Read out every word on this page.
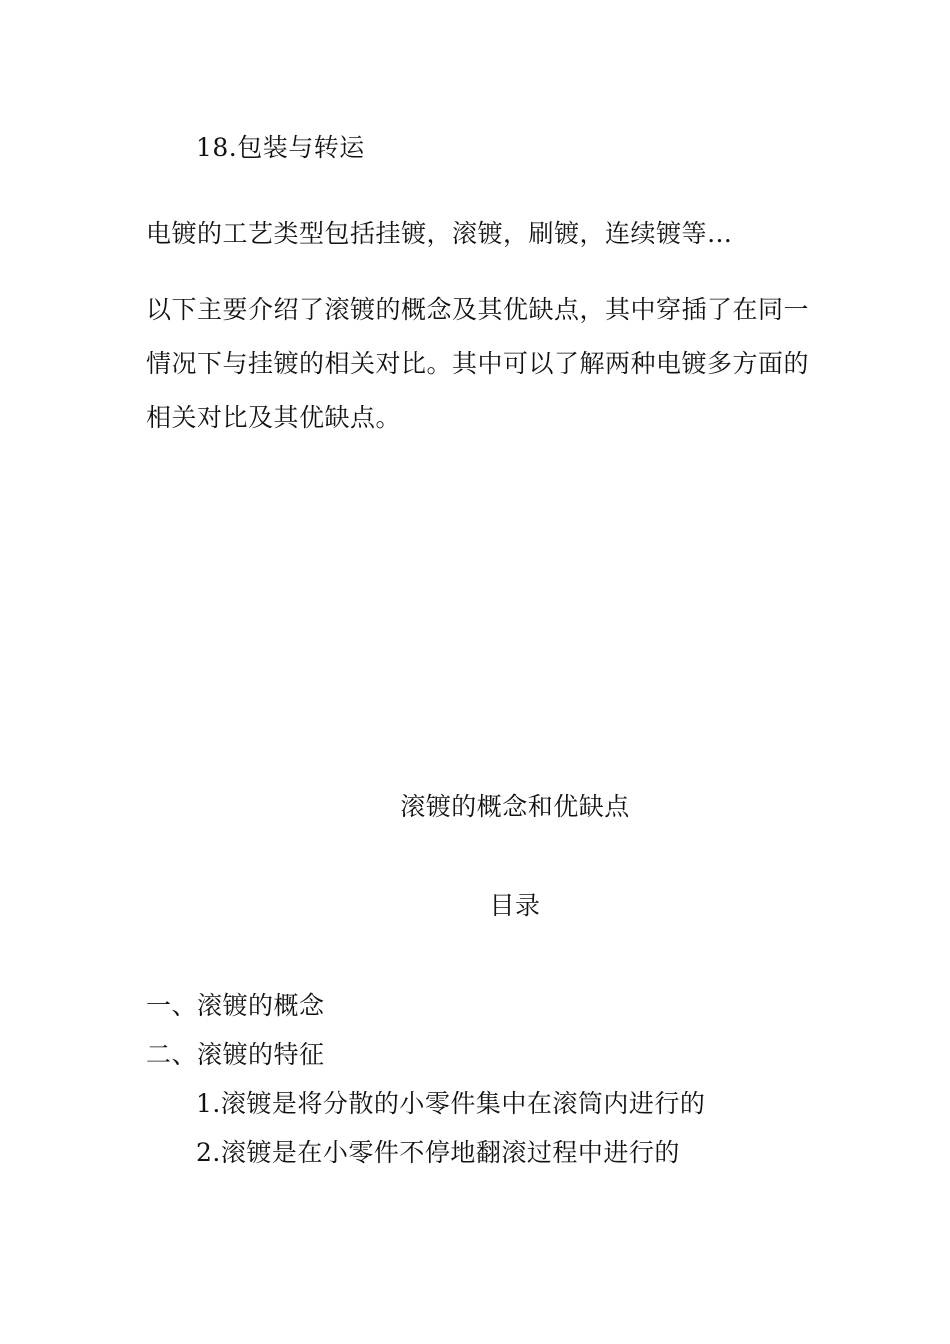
18.包装与转运
电镀的工艺类型包括挂镀，滚镀，刷镀，连续镀等…
以下主要介绍了滚镀的概念及其优缺点，其中穿插了在同一
情况下与挂镀的相关对比。其中可以了解两种电镀多方面的
相关对比及其优缺点。
滚镀的概念和优缺点
目录
一、滚镀的概念
二、滚镀的特征
1.滚镀是将分散的小零件集中在滚筒内进行的
2.滚镀是在小零件不停地翻滚过程中进行的
